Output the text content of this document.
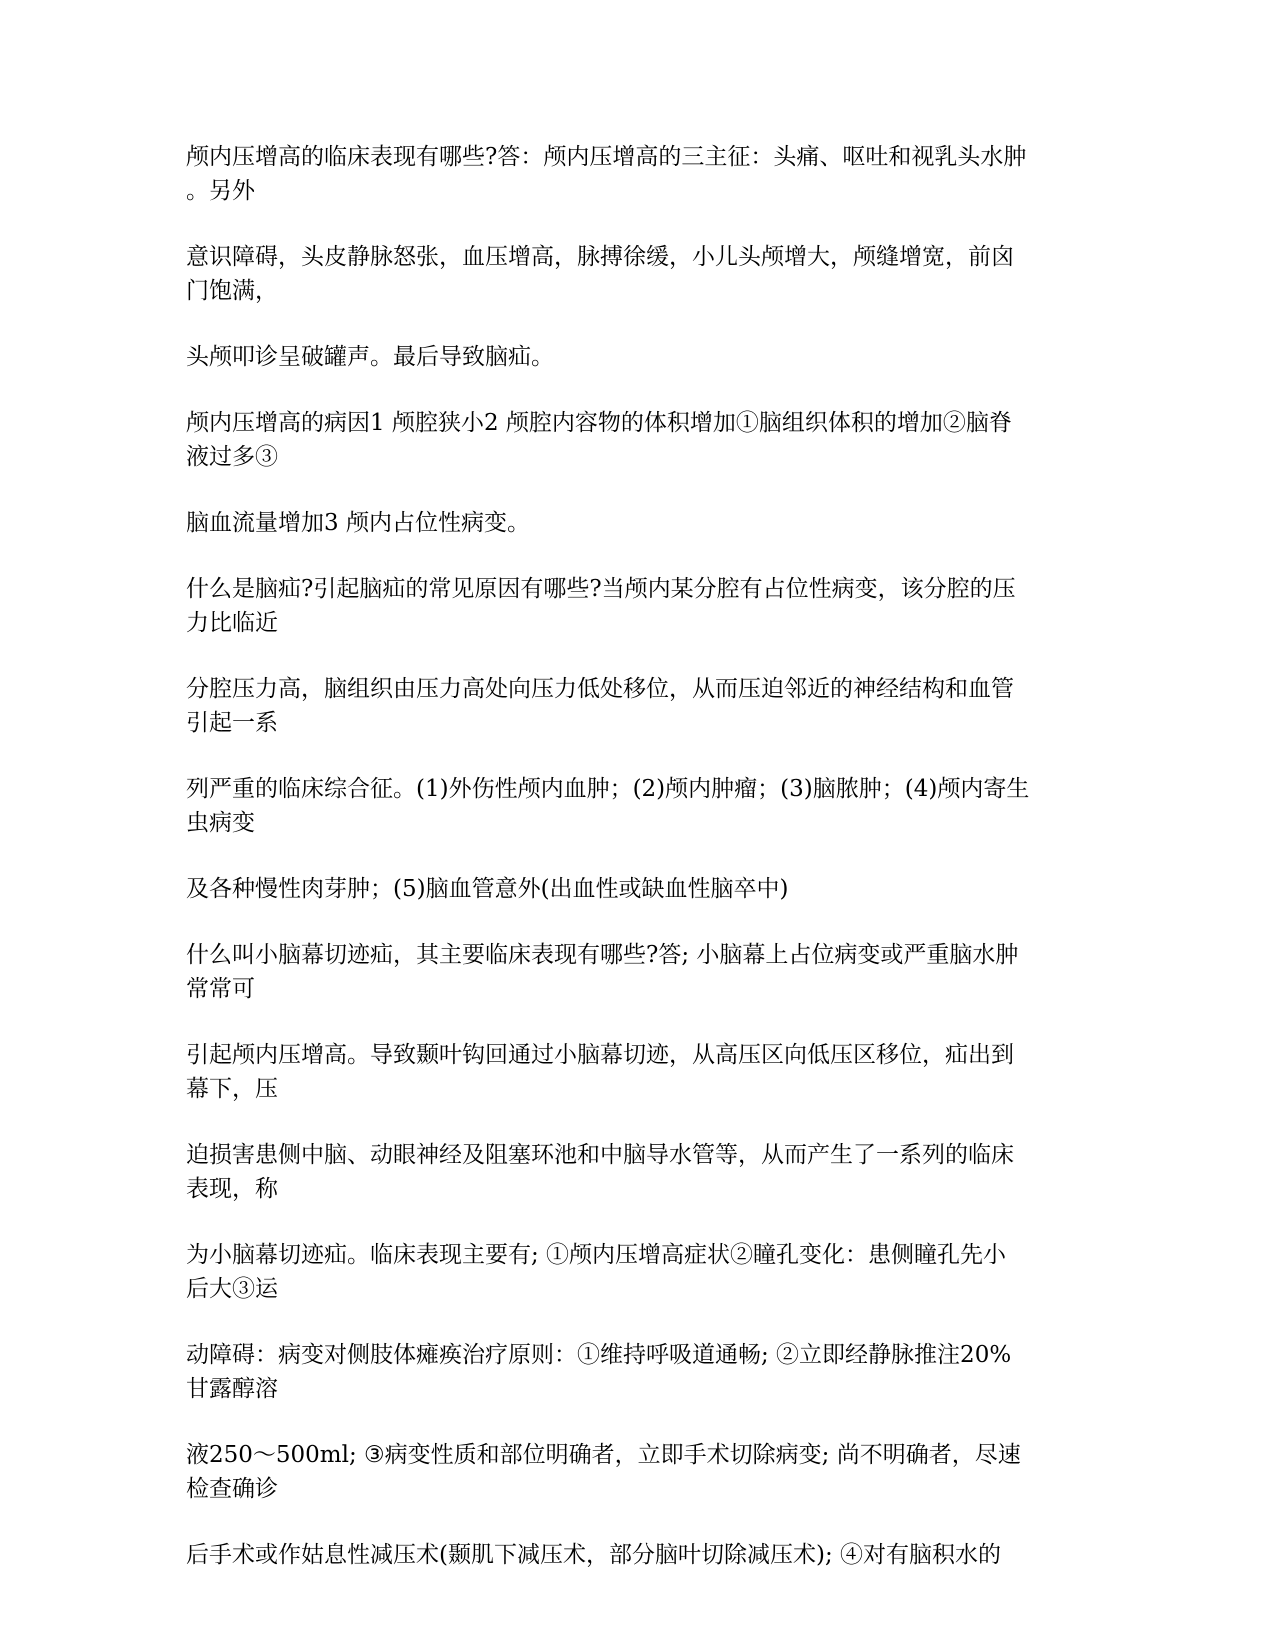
颅内压增高的临床表现有哪些?答：颅内压增高的三主征：头痛、呕吐和视乳头水肿
。另外

意识障碍，头皮静脉怒张，血压增高，脉搏徐缓，小儿头颅增大，颅缝增宽，前囟
门饱满，

头颅叩诊呈破罐声。最后导致脑疝。

颅内压增高的病因1 颅腔狭小2 颅腔内容物的体积增加①脑组织体积的增加②脑脊
液过多③

脑血流量增加3 颅内占位性病变。

什么是脑疝?引起脑疝的常见原因有哪些?当颅内某分腔有占位性病变，该分腔的压
力比临近

分腔压力高，脑组织由压力高处向压力低处移位，从而压迫邻近的神经结构和血管
引起一系

列严重的临床综合征。(1)外伤性颅内血肿；(2)颅内肿瘤；(3)脑脓肿；(4)颅内寄生
虫病变

及各种慢性肉芽肿；(5)脑血管意外(出血性或缺血性脑卒中)

什么叫小脑幕切迹疝，其主要临床表现有哪些?答; 小脑幕上占位病变或严重脑水肿
常常可

引起颅内压增高。导致颞叶钩回通过小脑幕切迹，从高压区向低压区移位，疝出到
幕下，压

迫损害患侧中脑、动眼神经及阻塞环池和中脑导水管等，从而产生了一系列的临床
表现，称

为小脑幕切迹疝。临床表现主要有; ①颅内压增高症状②瞳孔变化：患侧瞳孔先小
后大③运

动障碍：病变对侧肢体瘫痪治疗原则：①维持呼吸道通畅; ②立即经静脉推注20%
甘露醇溶

液250～500ml; ③病变性质和部位明确者，立即手术切除病变; 尚不明确者，尽速
检查确诊

后手术或作姑息性减压术(颞肌下减压术，部分脑叶切除减压术); ④对有脑积水的
